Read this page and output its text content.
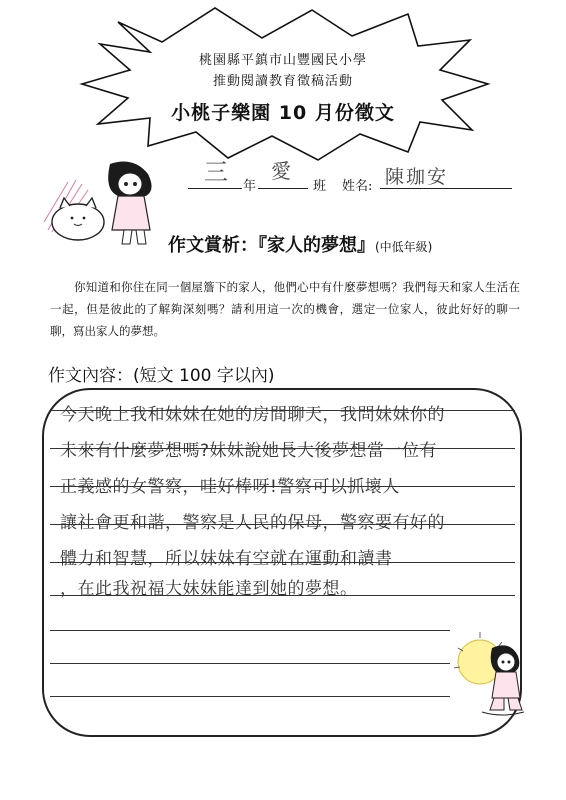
桃園縣平鎮市山豐國民小學
推動閱讀教育徵稿活動
小桃子樂園 10 月份徵文
三
年
愛
班 姓名: 陳珈安
作文賞析：『家人的夢想』(中低年級)
你知道和你住在同一個屋簷下的家人，他們心中有什麼夢想嗎？我們每天和家人生活在一起，但是彼此的了解夠深刻嗎？請利用這一次的機會，選定一位家人，彼此好好的聊一聊，寫出家人的夢想。
作文內容：(短文 100 字以內)
今天晚上我和妹妹在她的房間聊天，我問妹妹你的
未來有什麼夢想嗎?妹妹說她長大後夢想當一位有
正義感的女警察，哇好棒呀!警察可以抓壞人
讓社會更和諧，警察是人民的保母，警察要有好的
體力和智慧，所以妹妹有空就在運動和讀書
，在此我祝福大妹妹能達到她的夢想。
